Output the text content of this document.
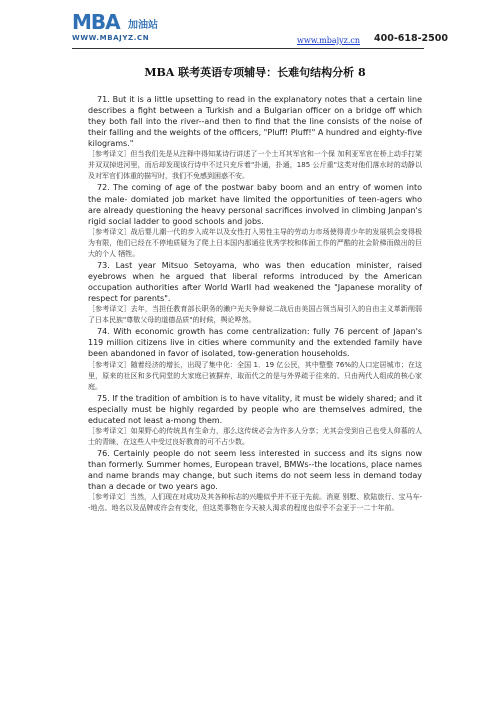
MBA 加油站
WWW.MBAJYZ.CN	www.mbajyz.cn 400-618-2500
MBA 联考英语专项辅导：长难句结构分析 8

71. But it is a little upsetting to read in the explanatory notes that a certain line describes a fight between a Turkish and a Bulgarian officer on a bridge off which they both fall into the river--and then to find that the line consists of the noise of their falling and the weights of the officers, "Pluff! Pluff!" A hundred and eighty-five kilograms."

［参考译文］但当我们先是从注释中得知某诗行讲述了一个土耳其军官和一个保 加利亚军官在桥上动手打架并双双掉进河里，而后却发现该行诗中不过只充斥着"扑通，扑通，185 公斤重"这类对他们落水时的动静以及对军官们体重的描写时，我们不免感到困惑不安。

72. The coming of age of the postwar baby boom and an entry of women into the male- domiated job market have limited the opportunities of teen-agers who are already questioning the heavy personal sacrifices involved in climbing Janpan's rigid social ladder to good schools and jobs.

［参考译文］战后婴儿潮一代的步入成年以及女性打入男性主导的劳动力市场使得青少年的发展机会变得极为有限，他们已经在不停地质疑为了爬上日本国内那通往优秀学校和体面工作的严酷的社会阶梯而做出的巨大的个人 牺牲。

73. Last year Mitsuo Setoyama, who was then education minister, raised eyebrows when he argued that liberal reforms introduced by the American occupation authorities after World WarII had weakened the "Japanese morality of respect for parents".

［参考译文］去年，当担任教育部长职务的濑户光夫争辩说二战后由美国占领当局引入的自由主义革新削弱了日本民族"尊敬父母的道德品质"的时候，舆论哗然。

74. With economic growth has come centralization: fully 76 percent of Japan's 119 million citizens live in cities where community and the extended family have been abandoned in favor of isolated, tow-generation households.

［参考译文］随着经济的增长，出现了集中化：全国 1．19 亿公民，其中整整 76%的人口定居城市；在这里，原来的社区和多代同堂的大家庭已被摒弃，取而代之的是与外界疏于往来的、只由两代人组成的核心家庭。

75. If the tradition of ambition is to have vitality, it must be widely shared; and it especially must be highly regarded by people who are themselves admired, the educated not least a-mong them.

［参考译文］如果野心的传统具有生命力，那么这传统必会为许多人分享；尤其会受到自己也受人仰慕的人士的青睐，在这些人中受过良好教育的可不占少数。

76. Certainly people do not seem less interested in success and its signs now than formerly. Summer homes, European travel, BMWs--the locations, place names and name brands may change, but such items do not seem less in demand today than a decade or two years ago.

［参考译文］当然，人们现在对成功及其各种标志的兴趣似乎并不亚于先前。消夏 别墅、欧陆旅行、宝马车--地点、地名以及品牌或许会有变化，但这类事物在今天被人渴求的程度也似乎不会亚于一二十年前。
